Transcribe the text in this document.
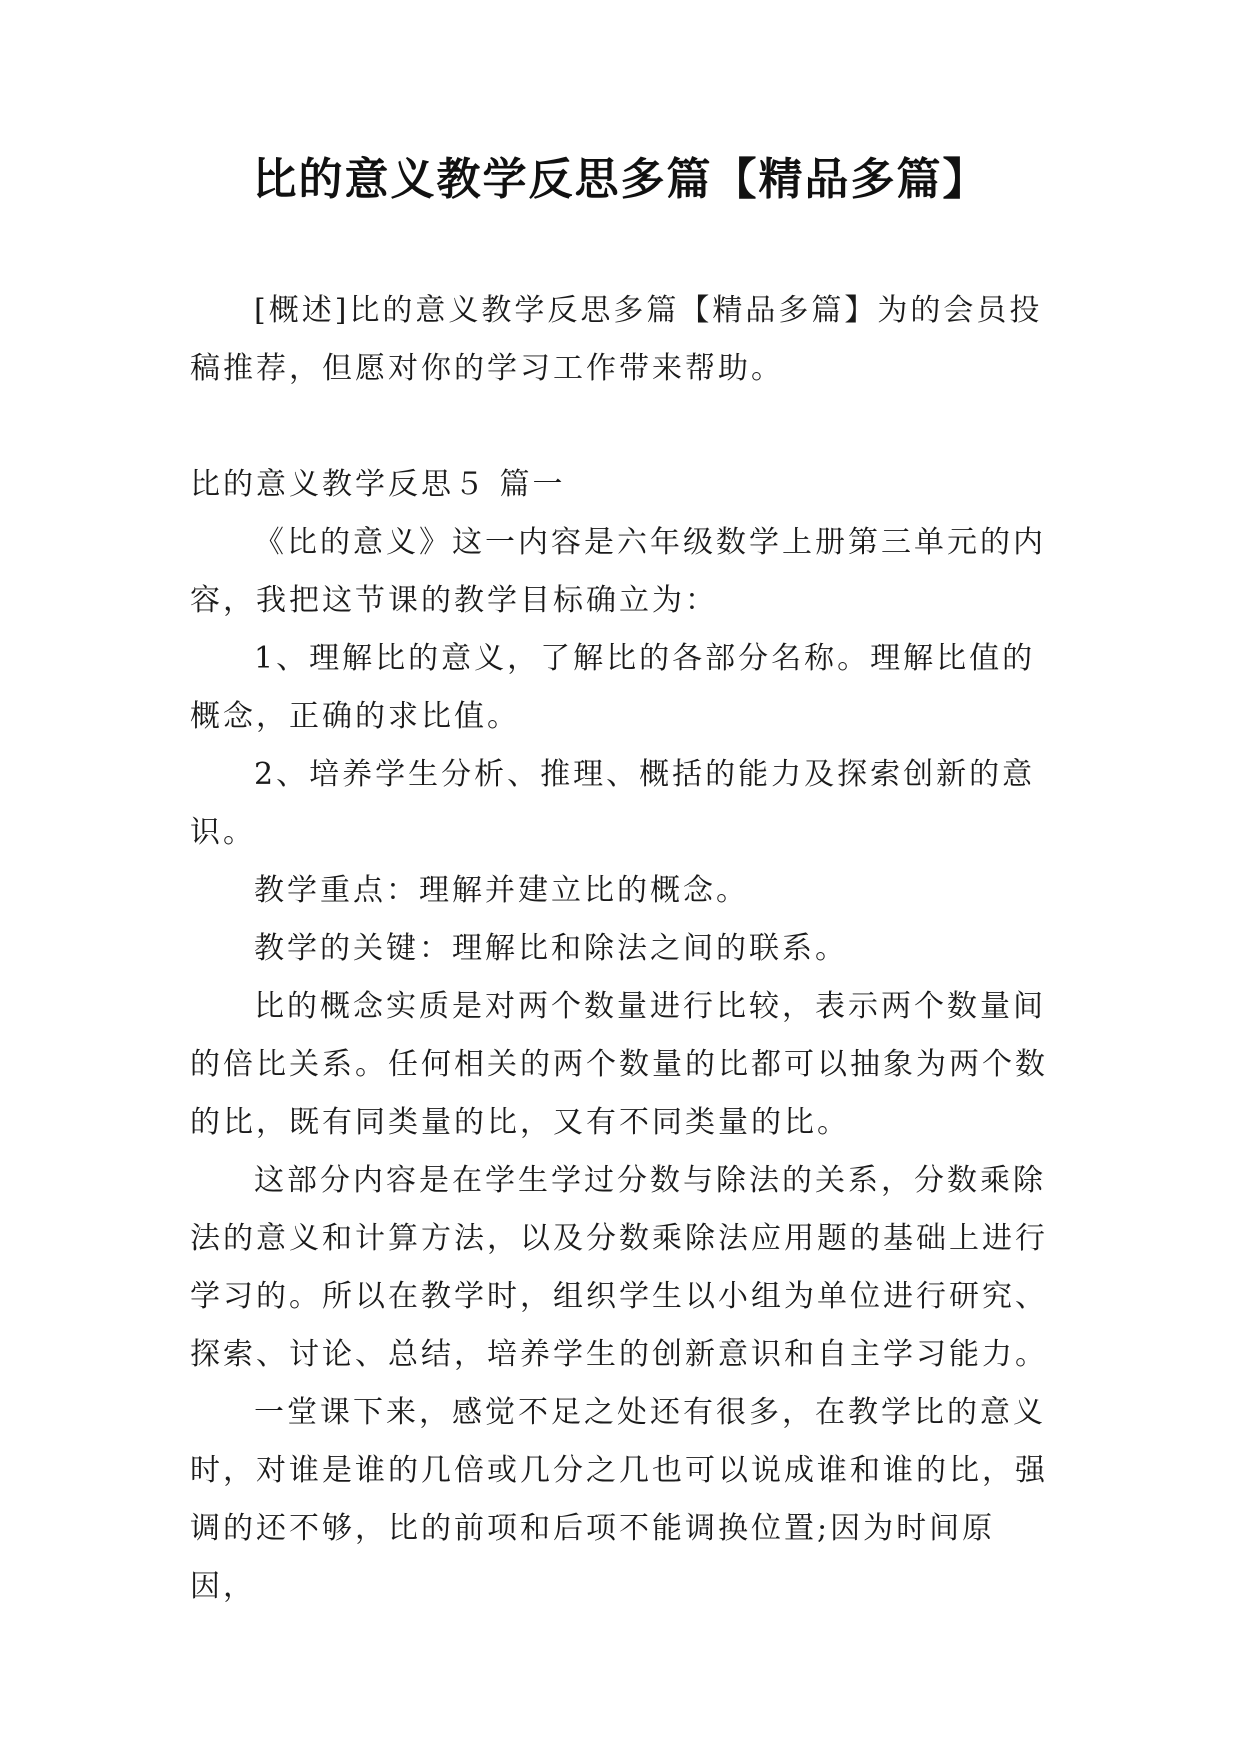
比的意义教学反思多篇【精品多篇】

[概述]比的意义教学反思多篇【精品多篇】为的会员投稿推荐，但愿对你的学习工作带来帮助。

比的意义教学反思５ 篇一

《比的意义》这一内容是六年级数学上册第三单元的内容，我把这节课的教学目标确立为：

1、理解比的意义，了解比的各部分名称。理解比值的概念，正确的求比值。

2、培养学生分析、推理、概括的能力及探索创新的意识。

教学重点：理解并建立比的概念。

教学的关键：理解比和除法之间的联系。

比的概念实质是对两个数量进行比较，表示两个数量间的倍比关系。任何相关的两个数量的比都可以抽象为两个数的比，既有同类量的比，又有不同类量的比。

这部分内容是在学生学过分数与除法的关系，分数乘除法的意义和计算方法，以及分数乘除法应用题的基础上进行学习的。所以在教学时，组织学生以小组为单位进行研究、探索、讨论、总结，培养学生的创新意识和自主学习能力。

一堂课下来，感觉不足之处还有很多，在教学比的意义时，对谁是谁的几倍或几分之几也可以说成谁和谁的比，强调的还不够，比的前项和后项不能调换位置;因为时间原因，
